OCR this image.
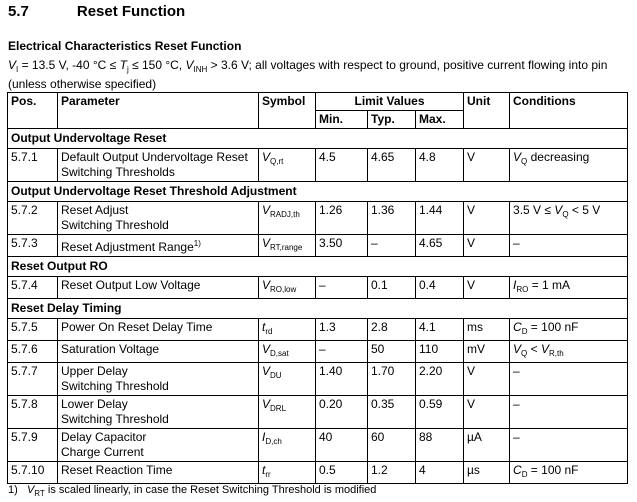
5.7	Reset Function
Electrical Characteristics Reset Function
$V_I = 13.5$ V, -40 $^\circ C \le T_j \le 150$ °C, $V_{INH} > 3.6$ V; all voltages with respect to ground, positive current flowing into pin (unless otherwise specified)
Pos.	Parameter	Symbol	Limit Values			Unit	Conditions
			Min.	Typ.	Max.		
Output Undervoltage Reset							
5.7.1	Default Output Undervoltage Reset
Switching Thresholds	$V_{Q,rt}$	4.5	4.65	4.8	V	$V_Q$ decreasing
Output Undervoltage Reset Threshold Adjustment							
5.7.2	Reset Adjust
Switching Threshold	$V_{RADJ,th}$	1.26	1.36	1.44	V	3.5 $V \le V_Q < 5$ V
5.7.3	Reset Adjustment Range$^{1)}$	$V_{RT,range}$	3.50	–	4.65	V	–
Reset Output RO							
5.7.4	Reset Output Low Voltage	$V_{RO,low}$	–	0.1	0.4	V	$I_{RO} = 1$ mA
Reset Delay Timing							
5.7.5	Power On Reset Delay Time	$t_{rd}$	1.3	2.8	4.1	ms	$C_D = 100$ nF
5.7.6	Saturation Voltage	$V_{D,sat}$	–	50	110	mV	$V_Q < V_{R,th}$
5.7.7	Upper Delay
Switching Threshold	$V_{DU}$	1.40	1.70	2.20	V	–
5.7.8	Lower Delay
Switching Threshold	$V_{DRL}$	0.20	0.35	0.59	V	–
5.7.9	Delay Capacitor
Charge Current	$I_{D,ch}$	40	60	88	µA	–
5.7.10	Reset Reaction Time	$t_{rr}$	0.5	1.2	4	µs	$C_D = 100$ nF
1) $V_{RT}$ is scaled linearly, in case the Reset Switching Threshold is modified
